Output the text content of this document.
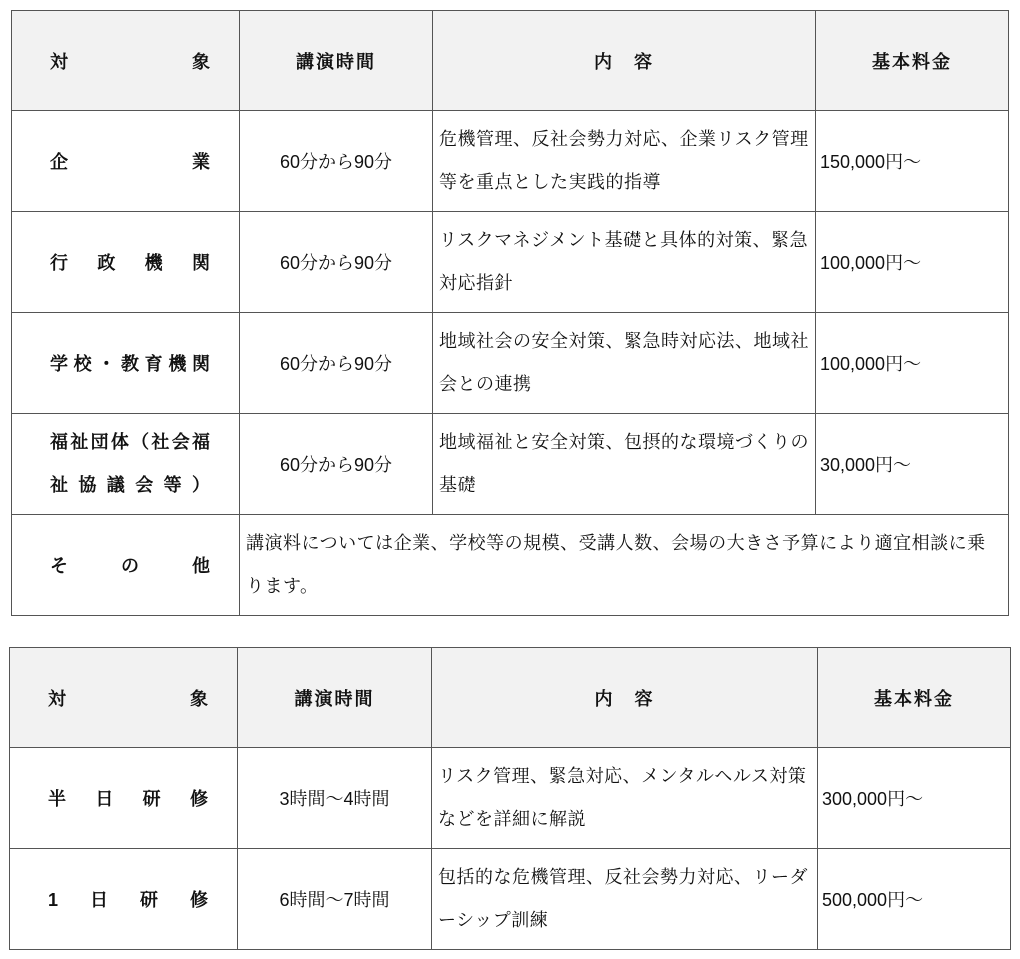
対　　象	講演時間	内　容	基本料金
企　業	60分から90分	危機管理、反社会勢力対応、企業リスク管理等を重点とした実践的指導	150,000円〜
行政機関	60分から90分	リスクマネジメント基礎と具体的対策、緊急対応指針	100,000円〜
学校・教育機関	60分から90分	地域社会の安全対策、緊急時対応法、地域社会との連携	100,000円〜
福祉団体（社会福祉協議会等）	60分から90分	地域福祉と安全対策、包摂的な環境づくりの基礎	30,000円〜
そ の 他	講演料については企業、学校等の規模、受講人数、会場の大きさ予算により適宜相談に乗ります。		
対　　象	講演時間	内　容	基本料金
半日研修	3時間〜4時間	リスク管理、緊急対応、メンタルヘルス対策などを詳細に解説	300,000円〜
1日研修	6時間〜7時間	包括的な危機管理、反社会勢力対応、リーダーシップ訓練	500,000円〜
